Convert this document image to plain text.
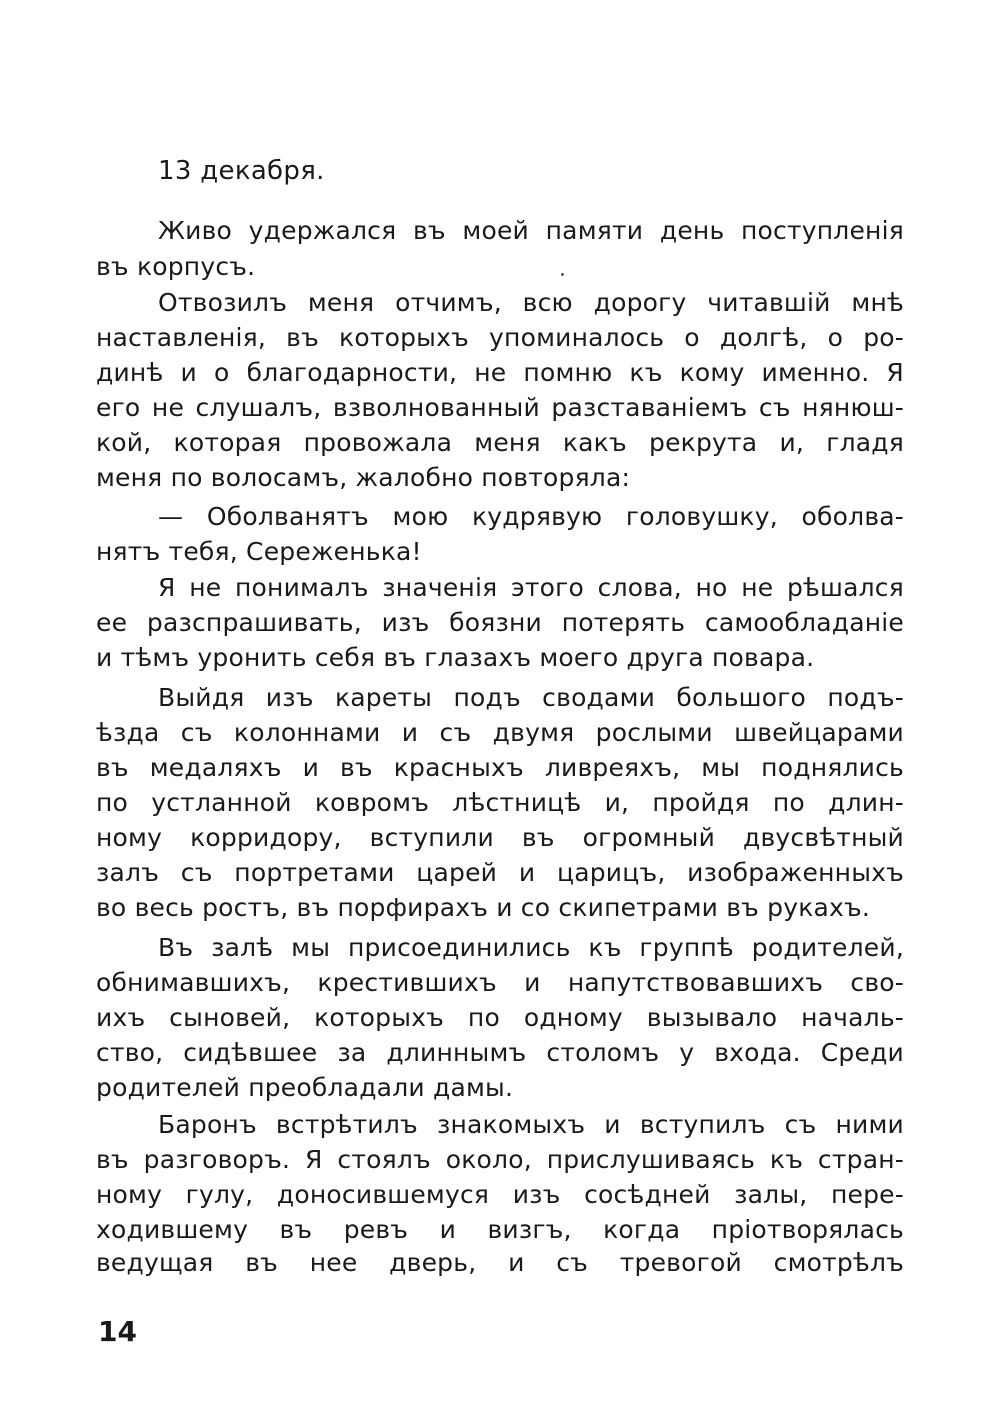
13 декабря.
Живо удержался въ моей памяти день поступленія
въ корпусъ.
Отвозилъ меня отчимъ, всю дорогу читавшій мнѣ
наставленія, въ которыхъ упоминалось о долгѣ, о ро-
динѣ и о благодарности, не помню къ кому именно. Я
его не слушалъ, взволнованный разставаніемъ съ нянюш-
кой, которая провожала меня какъ рекрута и, гладя
меня по волосамъ, жалобно повторяла:
— Оболванятъ мою кудрявую головушку, оболва-
нятъ тебя, Сереженька!
Я не понималъ значенія этого слова, но не рѣшался
ее разспрашивать, изъ боязни потерять самообладаніе
и тѣмъ уронить себя въ глазахъ моего друга повара.
Выйдя изъ кареты подъ сводами большого подъ-
ѣзда съ колоннами и съ двумя рослыми швейцарами
въ медаляхъ и въ красныхъ ливреяхъ, мы поднялись
по устланной ковромъ лѣстницѣ и, пройдя по длин-
ному корридору, вступили въ огромный двусвѣтный
залъ съ портретами царей и царицъ, изображенныхъ
во весь ростъ, въ порфирахъ и со скипетрами въ рукахъ.
Въ залѣ мы присоединились къ группѣ родителей,
обнимавшихъ, крестившихъ и напутствовавшихъ сво-
ихъ сыновей, которыхъ по одному вызывало началь-
ство, сидѣвшее за длиннымъ столомъ у входа. Среди
родителей преобладали дамы.
Баронъ встрѣтилъ знакомыхъ и вступилъ съ ними
въ разговоръ. Я стоялъ около, прислушиваясь къ стран-
ному гулу, доносившемуся изъ сосѣдней залы, пере-
ходившему въ ревъ и визгъ, когда пріотворялась
ведущая въ нее дверь, и съ тревогой смотрѣлъ
14
